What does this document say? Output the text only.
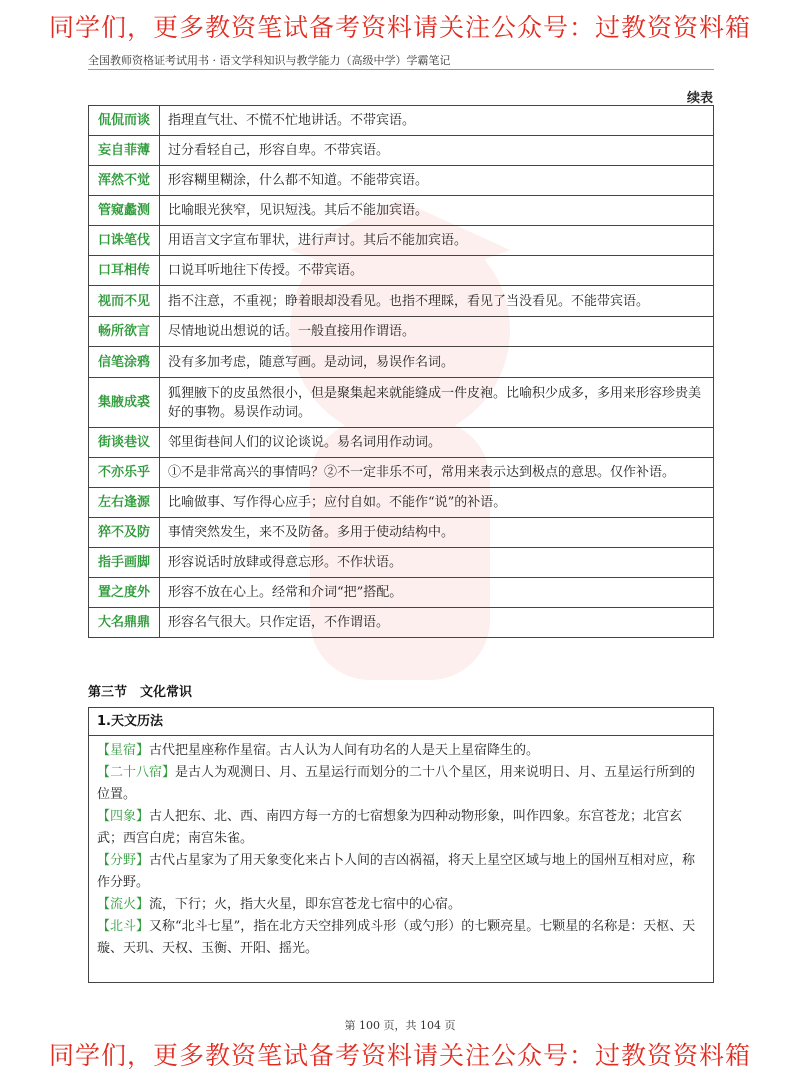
同学们，更多教资笔试备考资料请关注公众号：过教资资料箱
全国教师资格证考试用书 · 语文学科知识与教学能力（高级中学）学霸笔记
续表
侃侃而谈	指理直气壮、不慌不忙地讲话。不带宾语。
妄自菲薄	过分看轻自己，形容自卑。不带宾语。
浑然不觉	形容糊里糊涂，什么都不知道。不能带宾语。
管窥蠡测	比喻眼光狭窄，见识短浅。其后不能加宾语。
口诛笔伐	用语言文字宣布罪状，进行声讨。其后不能加宾语。
口耳相传	口说耳听地往下传授。不带宾语。
视而不见	指不注意，不重视；睁着眼却没看见。也指不理睬，看见了当没看见。不能带宾语。
畅所欲言	尽情地说出想说的话。一般直接用作谓语。
信笔涂鸦	没有多加考虑，随意写画。是动词，易误作名词。
集腋成裘	狐狸腋下的皮虽然很小，但是聚集起来就能缝成一件皮袍。比喻积少成多，多用来形容珍贵美好的事物。易误作动词。
街谈巷议	邻里街巷间人们的议论谈说。易名词用作动词。
不亦乐乎	①不是非常高兴的事情吗？②不一定非乐不可，常用来表示达到极点的意思。仅作补语。
左右逢源	比喻做事、写作得心应手；应付自如。不能作“说”的补语。
猝不及防	事情突然发生，来不及防备。多用于使动结构中。
指手画脚	形容说话时放肆或得意忘形。不作状语。
置之度外	形容不放在心上。经常和介词“把”搭配。
大名鼎鼎	形容名气很大。只作定语，不作谓语。
第三节　文化常识
1.天文历法

【星宿】古代把星座称作星宿。古人认为人间有功名的人是天上星宿降生的。

【二十八宿】是古人为观测日、月、五星运行而划分的二十八个星区，用来说明日、月、五星运行所到的位置。

【四象】古人把东、北、西、南四方每一方的七宿想象为四种动物形象，叫作四象。东宫苍龙；北宫玄武；西宫白虎；南宫朱雀。

【分野】古代占星家为了用天象变化来占卜人间的吉凶祸福，将天上星空区域与地上的国州互相对应，称作分野。

【流火】流，下行；火，指大火星，即东宫苍龙七宿中的心宿。

【北斗】又称“北斗七星”，指在北方天空排列成斗形（或勺形）的七颗亮星。七颗星的名称是：天枢、天璇、天玑、天权、玉衡、开阳、摇光。

第 100 页，共 104 页
同学们，更多教资笔试备考资料请关注公众号：过教资资料箱
